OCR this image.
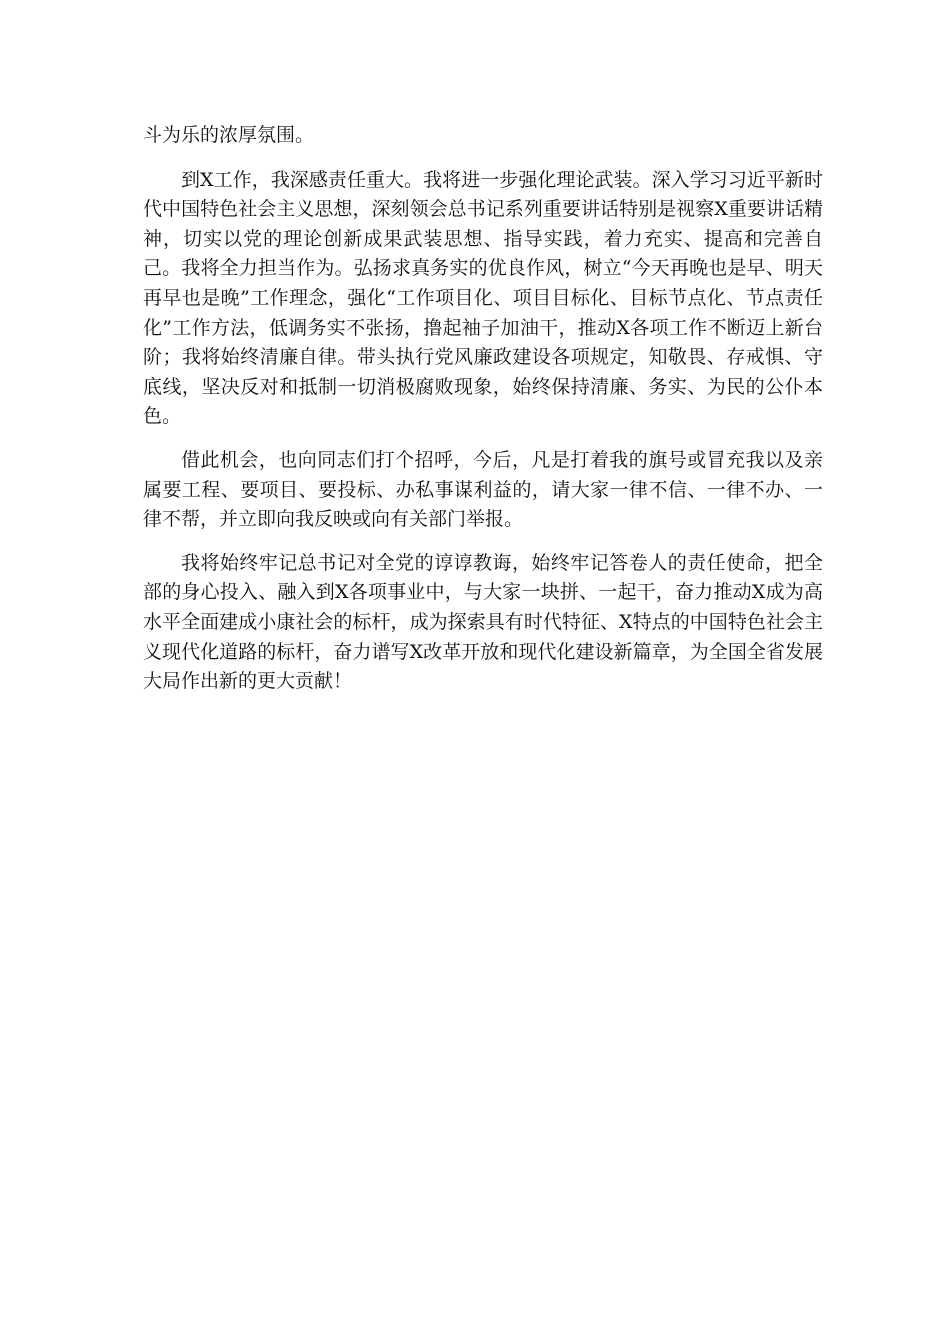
斗为乐的浓厚氛围。

到X工作，我深感责任重大。我将进一步强化理论武装。深入学习习近平新时代中国特色社会主义思想，深刻领会总书记系列重要讲话特别是视察X重要讲话精神，切实以党的理论创新成果武装思想、指导实践，着力充实、提高和完善自己。我将全力担当作为。弘扬求真务实的优良作风，树立“今天再晚也是早、明天再早也是晚”工作理念，强化“工作项目化、项目目标化、目标节点化、节点责任化”工作方法，低调务实不张扬，撸起袖子加油干，推动X各项工作不断迈上新台阶；我将始终清廉自律。带头执行党风廉政建设各项规定，知敬畏、存戒惧、守底线，坚决反对和抵制一切消极腐败现象，始终保持清廉、务实、为民的公仆本色。

借此机会，也向同志们打个招呼，今后，凡是打着我的旗号或冒充我以及亲属要工程、要项目、要投标、办私事谋利益的，请大家一律不信、一律不办、一律不帮，并立即向我反映或向有关部门举报。

我将始终牢记总书记对全党的谆谆教诲，始终牢记答卷人的责任使命，把全部的身心投入、融入到X各项事业中，与大家一块拼、一起干，奋力推动X成为高水平全面建成小康社会的标杆，成为探索具有时代特征、X特点的中国特色社会主义现代化道路的标杆，奋力谱写X改革开放和现代化建设新篇章，为全国全省发展大局作出新的更大贡献！
